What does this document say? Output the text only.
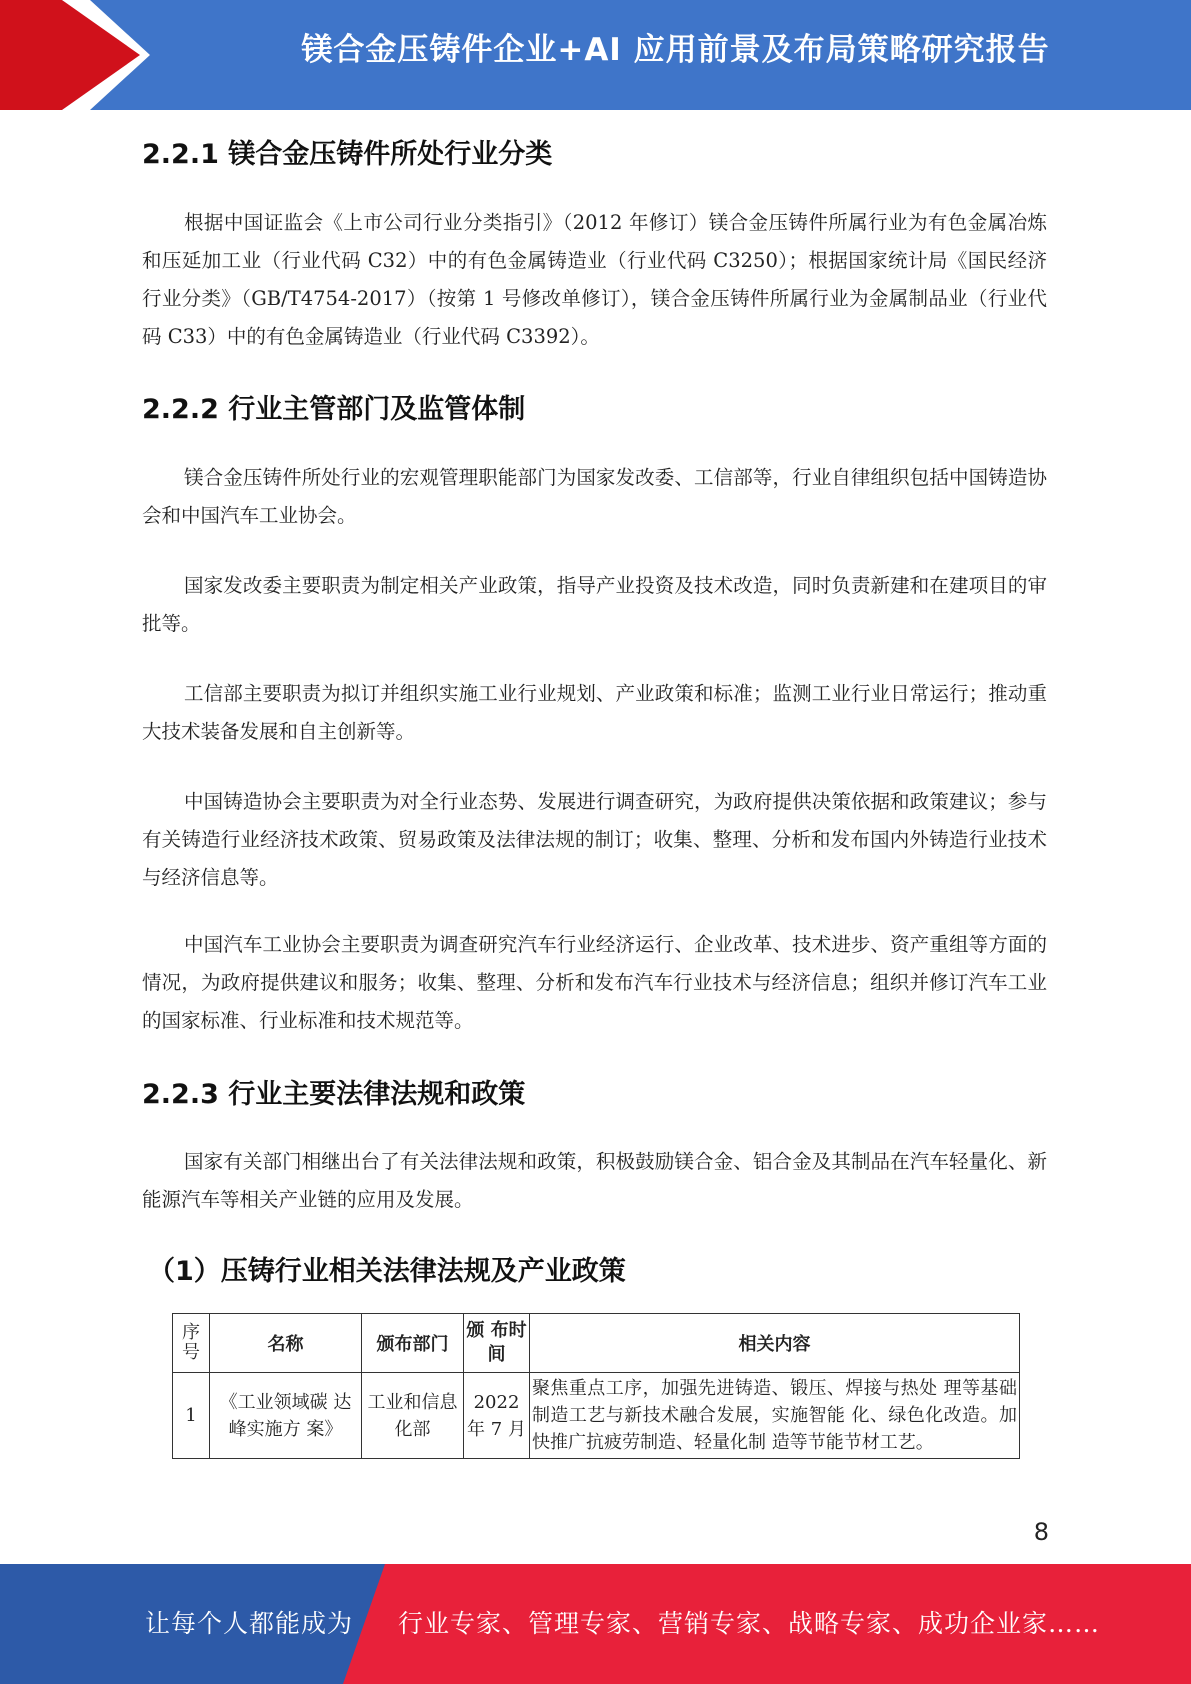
镁合金压铸件企业+AI 应用前景及布局策略研究报告
2.2.1 镁合金压铸件所处行业分类

根据中国证监会《上市公司行业分类指引》（2012 年修订）镁合金压铸件所属行业为有色金属冶炼和压延加工业（行业代码 C32）中的有色金属铸造业（行业代码 C3250）；根据国家统计局《国民经济行业分类》（GB/T4754-2017）（按第 1 号修改单修订），镁合金压铸件所属行业为金属制品业（行业代码 C33）中的有色金属铸造业（行业代码 C3392）。

2.2.2 行业主管部门及监管体制

镁合金压铸件所处行业的宏观管理职能部门为国家发改委、工信部等，行业自律组织包括中国铸造协会和中国汽车工业协会。

国家发改委主要职责为制定相关产业政策，指导产业投资及技术改造，同时负责新建和在建项目的审批等。

工信部主要职责为拟订并组织实施工业行业规划、产业政策和标准；监测工业行业日常运行；推动重大技术装备发展和自主创新等。

中国铸造协会主要职责为对全行业态势、发展进行调查研究，为政府提供决策依据和政策建议；参与有关铸造行业经济技术政策、贸易政策及法律法规的制订；收集、整理、分析和发布国内外铸造行业技术与经济信息等。

中国汽车工业协会主要职责为调查研究汽车行业经济运行、企业改革、技术进步、资产重组等方面的情况，为政府提供建议和服务；收集、整理、分析和发布汽车行业技术与经济信息；组织并修订汽车工业的国家标准、行业标准和技术规范等。

2.2.3 行业主要法律法规和政策

国家有关部门相继出台了有关法律法规和政策，积极鼓励镁合金、铝合金及其制品在汽车轻量化、新能源汽车等相关产业链的应用及发展。

（1）压铸行业相关法律法规及产业政策
序号	名称	颁布部门	颁 布时间	相关内容
1	《工业领域碳 达峰实施方 案》	工业和信息化部	2022 年 7 月	聚焦重点工序，加强先进铸造、锻压、焊接与热处 理等基础制造工艺与新技术融合发展，实施智能 化、绿色化改造。加快推广抗疲劳制造、轻量化制 造等节能节材工艺。
8
让每个人都能成为 行业专家、管理专家、营销专家、战略专家、成功企业家……
